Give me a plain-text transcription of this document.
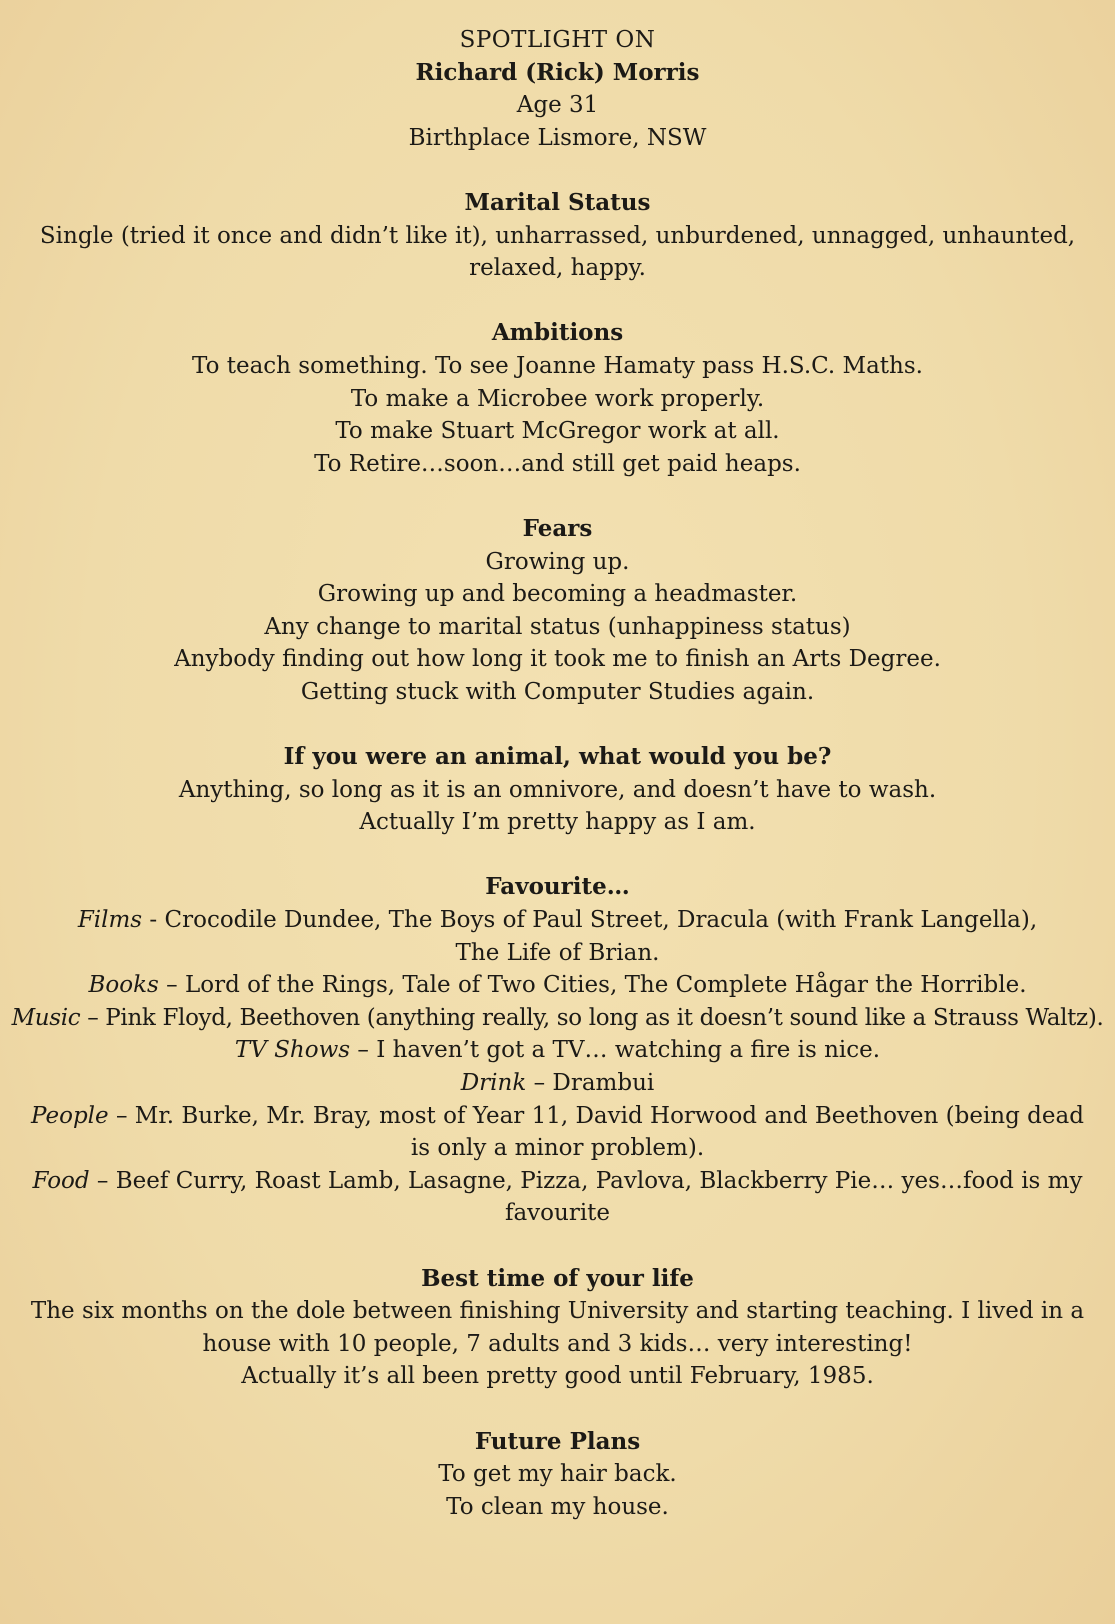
SPOTLIGHT ON
Richard (Rick) Morris
Age 31
Birthplace Lismore, NSW
Marital Status
Single (tried it once and didn’t like it), unharrassed, unburdened, unnagged, unhaunted,
relaxed, happy.
Ambitions
To teach something. To see Joanne Hamaty pass H.S.C. Maths.
To make a Microbee work properly.
To make Stuart McGregor work at all.
To Retire…soon…and still get paid heaps.
Fears
Growing up.
Growing up and becoming a headmaster.
Any change to marital status (unhappiness status)
Anybody finding out how long it took me to finish an Arts Degree.
Getting stuck with Computer Studies again.
If you were an animal, what would you be?
Anything, so long as it is an omnivore, and doesn’t have to wash.
Actually I’m pretty happy as I am.
Favourite…
Films - Crocodile Dundee, The Boys of Paul Street, Dracula (with Frank Langella),
The Life of Brian.
Books – Lord of the Rings, Tale of Two Cities, The Complete Hågar the Horrible.
Music – Pink Floyd, Beethoven (anything really, so long as it doesn’t sound like a Strauss Waltz).
TV Shows – I haven’t got a TV… watching a fire is nice.
Drink – Drambui
People – Mr. Burke, Mr. Bray, most of Year 11, David Horwood and Beethoven (being dead
is only a minor problem).
Food – Beef Curry, Roast Lamb, Lasagne, Pizza, Pavlova, Blackberry Pie… yes…food is my
favourite
Best time of your life
The six months on the dole between finishing University and starting teaching. I lived in a
house with 10 people, 7 adults and 3 kids… very interesting!
Actually it’s all been pretty good until February, 1985.
Future Plans
To get my hair back.
To clean my house.
